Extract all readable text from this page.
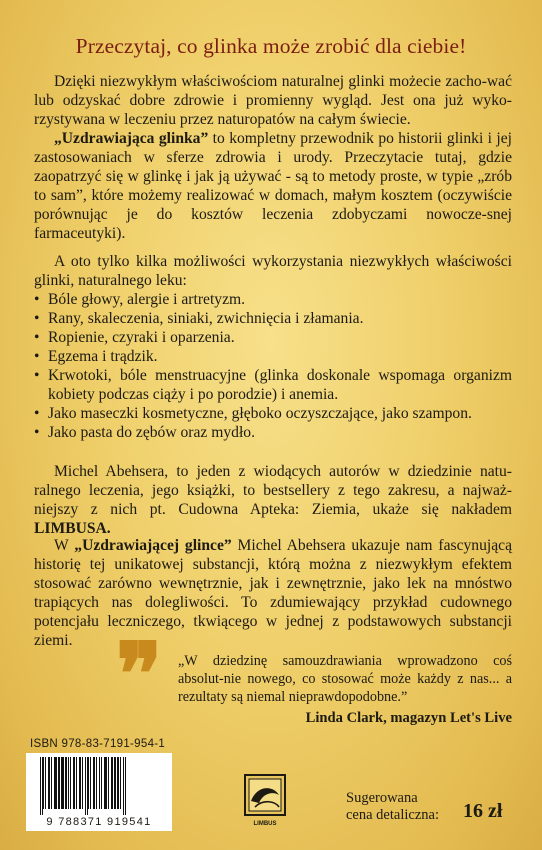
Przeczytaj, co glinka może zrobić dla ciebie!
Dzięki niezwykłym właściwościom naturalnej glinki możecie zacho-wać lub odzyskać dobre zdrowie i promienny wygląd. Jest ona już wyko-rzystywana w leczeniu przez naturopatów na całym świecie.
„Uzdrawiająca glinka” to kompletny przewodnik po historii glinki i jej zastosowaniach w sferze zdrowia i urody. Przeczytacie tutaj, gdzie zaopatrzyć się w glinkę i jak ją używać - są to metody proste, w typie „zrób to sam”, które możemy realizować w domach, małym kosztem (oczywiście porównując je do kosztów leczenia zdobyczami nowocze-snej farmaceutyki).
A oto tylko kilka możliwości wykorzystania niezwykłych właściwości glinki, naturalnego leku:
• Bóle głowy, alergie i artretyzm.
• Rany, skaleczenia, siniaki, zwichnięcia i złamania.
• Ropienie, czyraki i oparzenia.
• Egzema i trądzik.
• Krwotoki, bóle menstruacyjne (glinka doskonale wspomaga organizm kobiety podczas ciąży i po porodzie) i anemia.
• Jako maseczki kosmetyczne, głęboko oczyszczające, jako szampon.
• Jako pasta do zębów oraz mydło.
Michel Abehsera, to jeden z wiodących autorów w dziedzinie natu-ralnego leczenia, jego książki, to bestsellery z tego zakresu, a najważ-niejszy z nich pt. Cudowna Apteka: Ziemia, ukaże się nakładem LIMBUSA.
W „Uzdrawiającej glince” Michel Abehsera ukazuje nam fascynującą historię tej unikatowej substancji, którą można z niezwykłym efektem stosować zarówno wewnętrznie, jak i zewnętrznie, jako lek na mnóstwo trapiących nas dolegliwości. To zdumiewający przykład cudownego potencjału leczniczego, tkwiącego w jednej z podstawowych substancji ziemi. ❞ „W dziedzinę samouzdrawiania wprowadzono coś absolut-nie nowego, co stosować może każdy z nas... a rezultaty są niemal nieprawdopodobne.”
Linda Clark, magazyn Let's Live
ISBN 978-83-7191-954-1
9 788371 919541	LIMBUS
Sugerowana
cena detaliczna: 16 zł
